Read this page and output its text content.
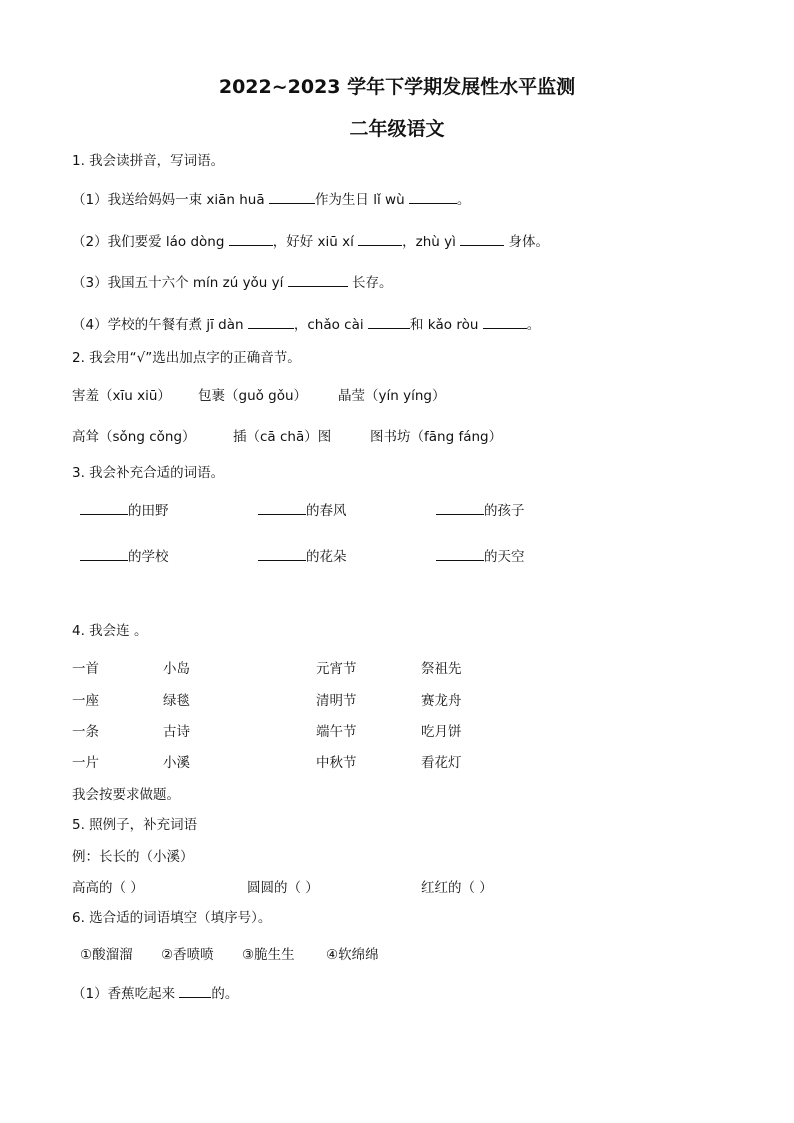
2022~2023 学年下学期发展性水平监测
二年级语文
1. 我会读拼音，写词语。
（1）我送给妈妈一束 xiān huā	作为生日 lǐ wù	。
（2）我们要爱 láo dòng	，好好 xiū xí	，zhù yì	身体。
（3）我国五十六个 mín zú yǒu yí	长存。
（4）学校的午餐有煮 jī dàn	，chǎo cài	和 kǎo ròu	。
2. 我会用“√”选出加点字的正确音节。
害羞（xīu xiū） 包裹（guǒ gǒu） 晶莹（yín yíng）
高耸（sǒng cǒng）	插（cā chā）图	图书坊（fāng fáng）
3. 我会补充合适的词语。
的田野	的春风	的孩子
的学校	的花朵	的天空
4. 我会连 。
一首	小岛	元宵节	祭祖先
一座	绿毯	清明节	赛龙舟
一条	古诗	端午节	吃月饼
一片	小溪	中秋节	看花灯
我会按要求做题。
5. 照例子，补充词语
例：长长的（小溪）
高高的（ ）	圆圆的（ ）	红红的（ ）
6. 选合适的词语填空（填序号）。
①酸溜溜 ②香喷喷 ③脆生生 ④软绵绵
（1）香蕉吃起来	的。
